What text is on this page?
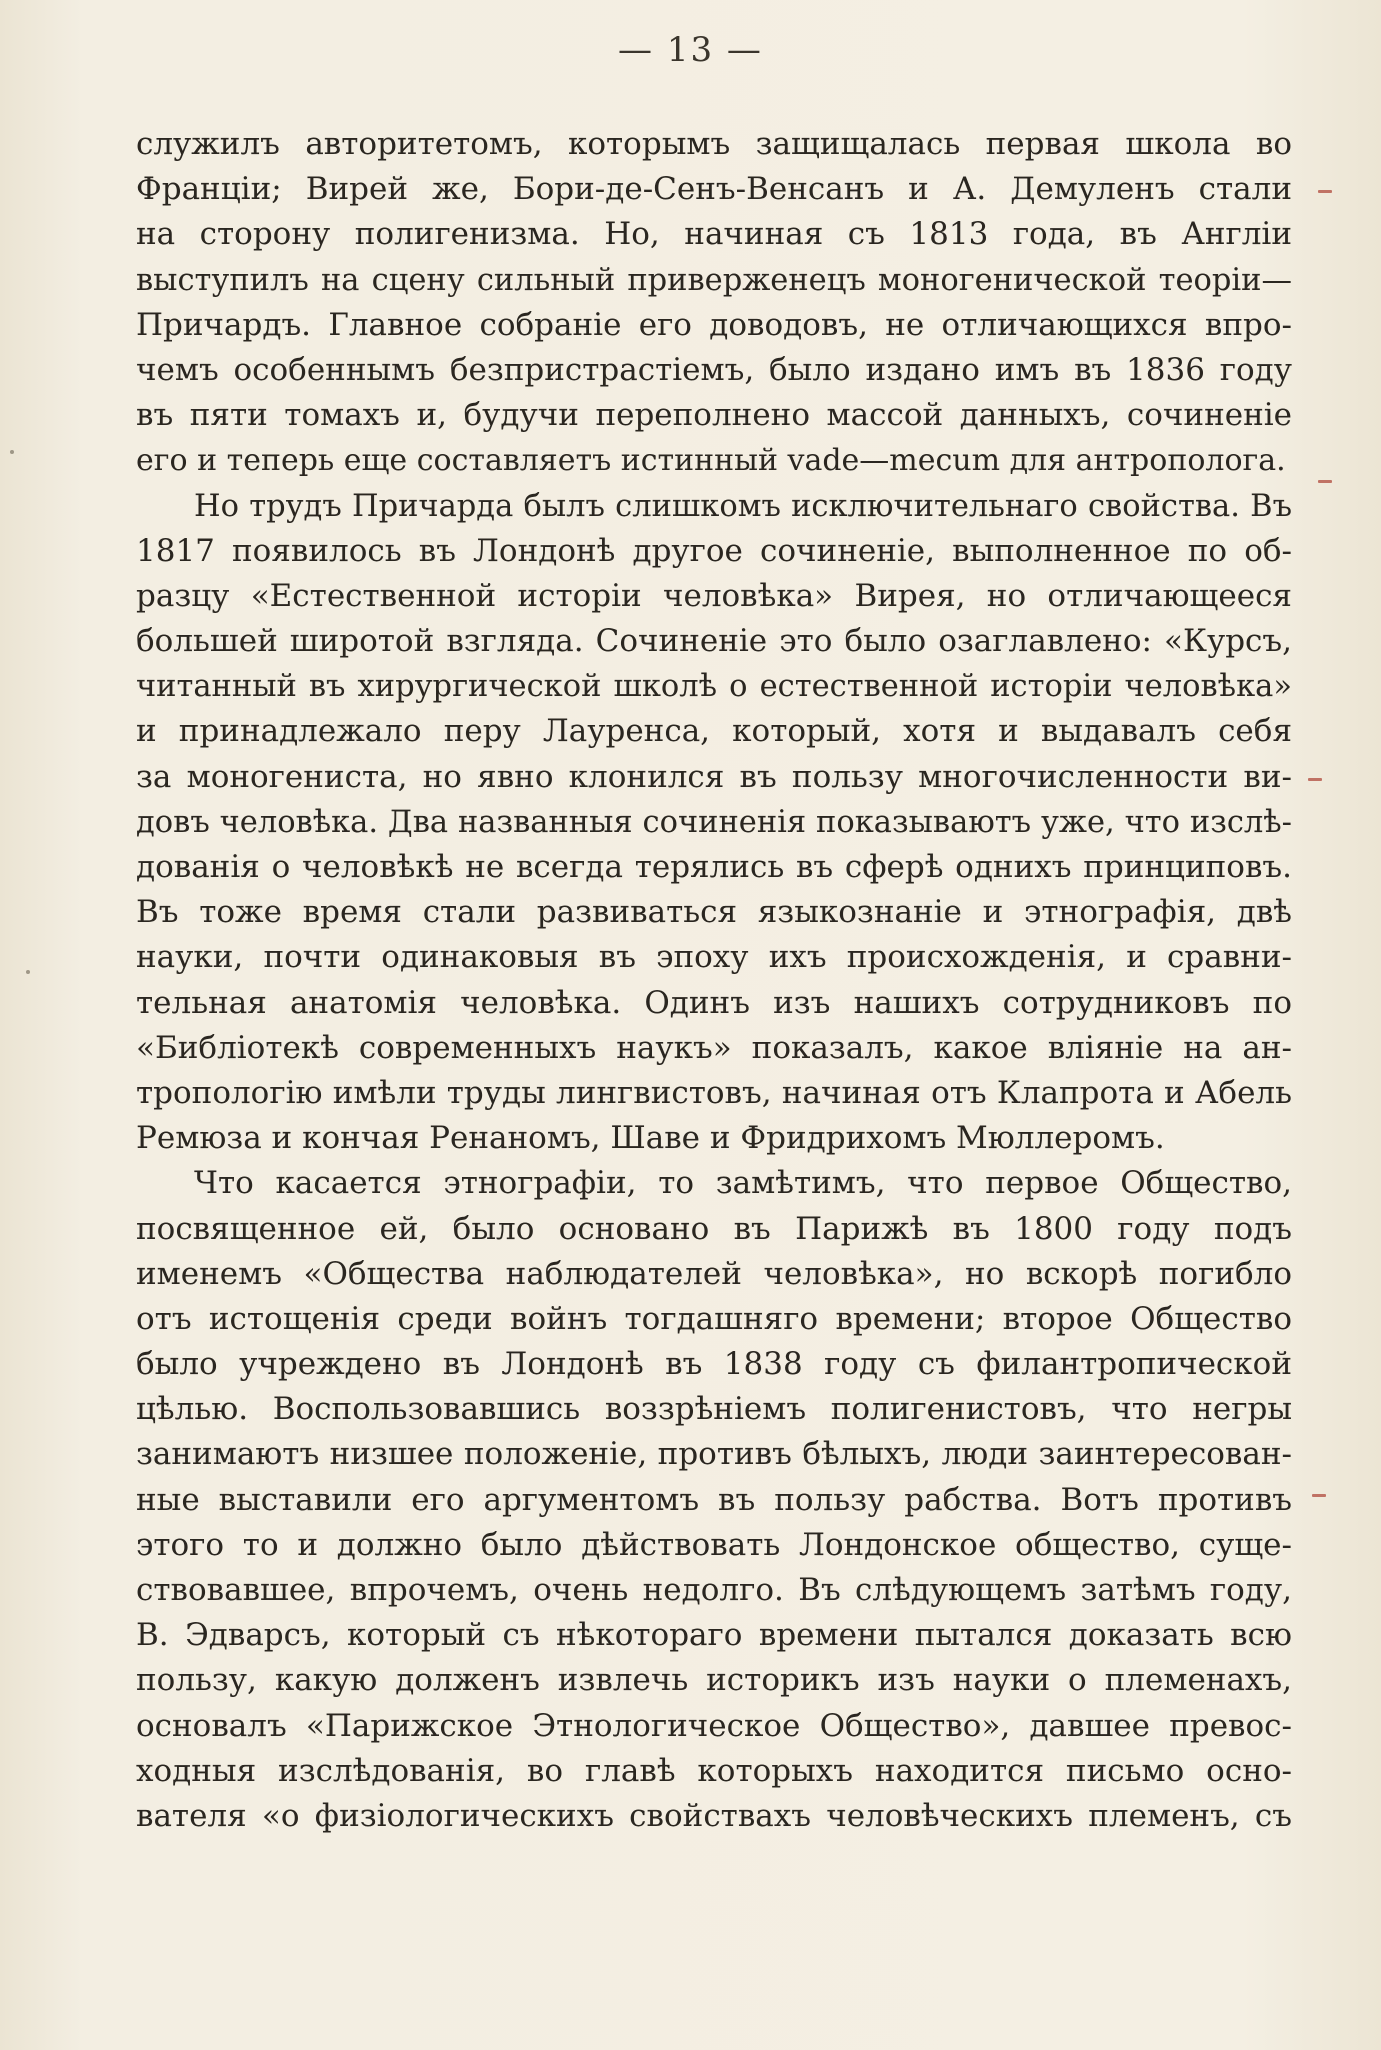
— 13 —
служилъ авторитетомъ, которымъ защищалась первая школа во
Франціи; Вирей же, Бори-де-Сенъ-Венсанъ и А. Демуленъ стали
на сторону полигенизма. Но, начиная съ 1813 года, въ Англіи
выступилъ на сцену сильный приверженецъ моногенической теоріи—
Причардъ. Главное собраніе его доводовъ, не отличающихся впро-
чемъ особеннымъ безпристрастіемъ, было издано имъ въ 1836 году
въ пяти томахъ и, будучи переполнено массой данныхъ, сочиненіе
его и теперь еще составляетъ истинный vade—mecum для антрополога.
Но трудъ Причарда былъ слишкомъ исключительнаго свойства. Въ
1817 появилось въ Лондонѣ другое сочиненіе, выполненное по об-
разцу «Естественной исторіи человѣка» Вирея, но отличающееся
большей широтой взгляда. Сочиненіе это было озаглавлено: «Курсъ,
читанный въ хирургической школѣ о естественной исторіи человѣка»
и принадлежало перу Лауренса, который, хотя и выдавалъ себя
за моногениста, но явно клонился въ пользу многочисленности ви-
довъ человѣка. Два названныя сочиненія показываютъ уже, что изслѣ-
дованія о человѣкѣ не всегда терялись въ сферѣ однихъ принциповъ.
Въ тоже время стали развиваться языкознаніе и этнографія, двѣ
науки, почти одинаковыя въ эпоху ихъ происхожденія, и сравни-
тельная анатомія человѣка. Одинъ изъ нашихъ сотрудниковъ по
«Библіотекѣ современныхъ наукъ» показалъ, какое вліяніе на ан-
тропологію имѣли труды лингвистовъ, начиная отъ Клапрота и Абель
Ремюза и кончая Ренаномъ, Шаве и Фридрихомъ Мюллеромъ.
Что касается этнографіи, то замѣтимъ, что первое Общество,
посвященное ей, было основано въ Парижѣ въ 1800 году подъ
именемъ «Общества наблюдателей человѣка», но вскорѣ погибло
отъ истощенія среди войнъ тогдашняго времени; второе Общество
было учреждено въ Лондонѣ въ 1838 году съ филантропической
цѣлью. Воспользовавшись воззрѣніемъ полигенистовъ, что негры
занимаютъ низшее положеніе, противъ бѣлыхъ, люди заинтересован-
ные выставили его аргументомъ въ пользу рабства. Вотъ противъ
этого то и должно было дѣйствовать Лондонское общество, суще-
ствовавшее, впрочемъ, очень недолго. Въ слѣдующемъ затѣмъ году,
В. Эдварсъ, который съ нѣкотораго времени пытался доказать всю
пользу, какую долженъ извлечь историкъ изъ науки о племенахъ,
основалъ «Парижское Этнологическое Общество», давшее превос-
ходныя изслѣдованія, во главѣ которыхъ находится письмо осно-
вателя «о физіологическихъ свойствахъ человѣческихъ племенъ, съ
